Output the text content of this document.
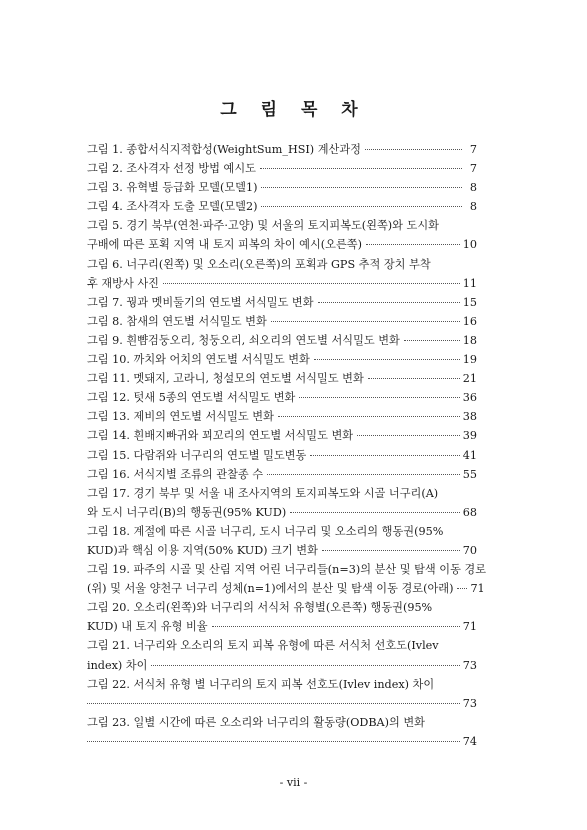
그 림 목 차
그림 1. 종합서식지적합성(WeightSum_HSI) 계산과정	7
그림 2. 조사격자 선정 방법 예시도	7
그림 3. 유혁별 등급화 모델(모델1)	8
그림 4. 조사격자 도출 모델(모델2)	8
그림 5. 경기 북부(연천·파주·고양) 및 서울의 토지피복도(왼쪽)와 도시화
구배에 따른 포획 지역 내 토지 피복의 차이 예시(오른쪽)	10
그림 6. 너구리(왼쪽) 및 오소리(오른쪽)의 포획과 GPS 추적 장치 부착
후 재방사 사진	11
그림 7. 꿩과 멧비둘기의 연도별 서식밀도 변화	15
그림 8. 참새의 연도별 서식밀도 변화	16
그림 9. 흰뺨검둥오리, 청둥오리, 쇠오리의 연도별 서식밀도 변화	18
그림 10. 까치와 어치의 연도별 서식밀도 변화	19
그림 11. 멧돼지, 고라니, 청설모의 연도별 서식밀도 변화	21
그림 12. 텃새 5종의 연도별 서식밀도 변화	36
그림 13. 제비의 연도별 서식밀도 변화	38
그림 14. 흰배지빠귀와 꾀꼬리의 연도별 서식밀도 변화	39
그림 15. 다람쥐와 너구리의 연도별 밀도변동	41
그림 16. 서식지별 조류의 관찰종 수	55
그림 17. 경기 북부 및 서울 내 조사지역의 토지피복도와 시골 너구리(A)
와 도시 너구리(B)의 행동권(95% KUD)	68
그림 18. 계절에 따른 시골 너구리, 도시 너구리 및 오소리의 행동권(95%
KUD)과 핵심 이용 지역(50% KUD) 크기 변화	70
그림 19. 파주의 시골 및 산림 지역 어린 너구리들(n=3)의 분산 및 탐색 이동 경로
(위) 및 서울 양천구 너구리 성체(n=1)에서의 분산 및 탐색 이동 경로(아래) 71
그림 20. 오소리(왼쪽)와 너구리의 서식처 유형별(오른쪽) 행동권(95%
KUD) 내 토지 유형 비율	71
그림 21. 너구리와 오소리의 토지 피복 유형에 따른 서식처 선호도(Ivlev
index) 차이	73
그림 22. 서식처 유형 별 너구리의 토지 피복 선호도(Ivlev index) 차이
73
그림 23. 일별 시간에 따른 오소리와 너구리의 활동량(ODBA)의 변화
74
- vii -
